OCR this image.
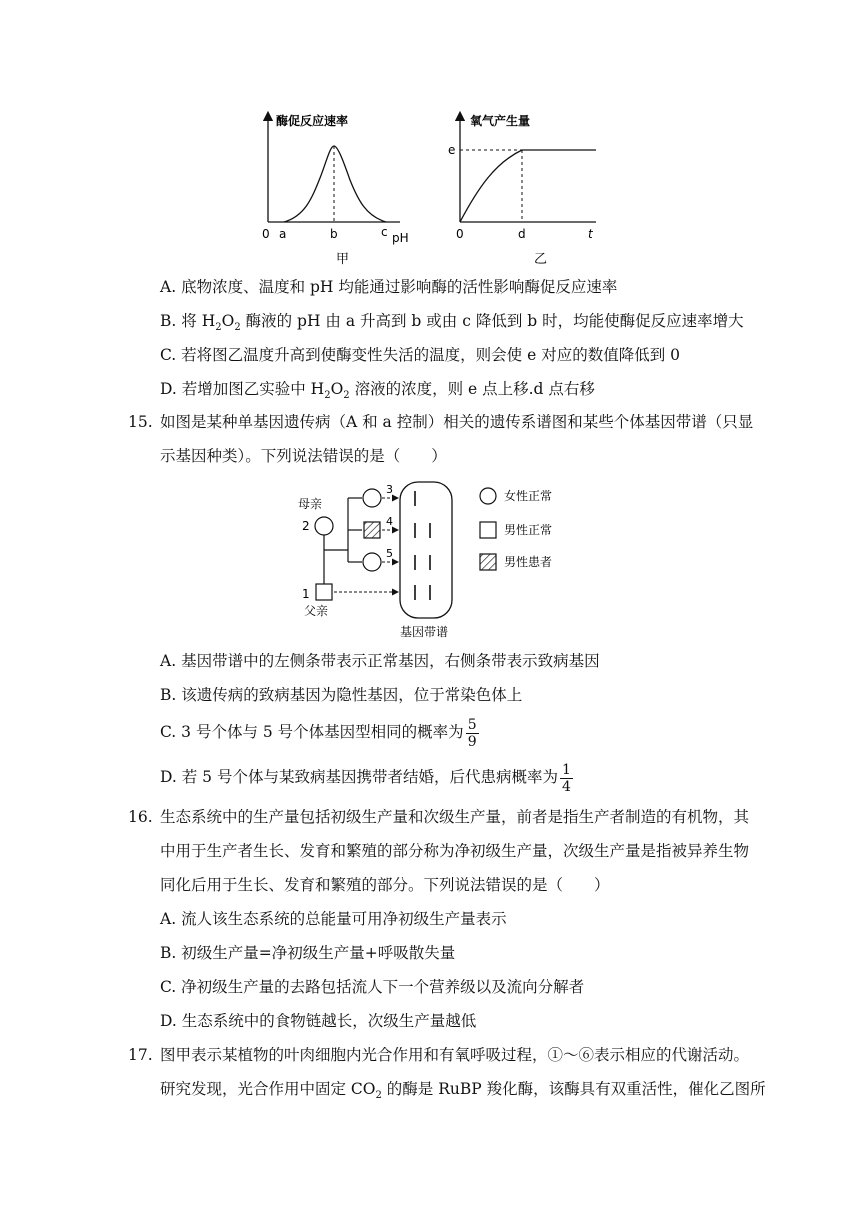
酶促反应速率
0 a	b	c pH
甲
氧气产生量
e
0	d	t
乙
A. 底物浓度、温度和 pH 均能通过影响酶的活性影响酶促反应速率
B. 将 $H_2O_2$ 酶液的 pH 由 a 升高到 b 或由 c 降低到 b 时，均能使酶促反应速率增大
C. 若将图乙温度升高到使酶变性失活的温度，则会使 e 对应的数值降低到 0
D. 若增加图乙实验中 $H_2O_2$ 溶液的浓度，则 e 点上移.d 点右移
15. 如图是某种单基因遗传病（A 和 a 控制）相关的遗传系谱图和某些个体基因带谱（只显
示基因种类）。下列说法错误的是（　　）
母亲
2
1
父亲
3
4
5
基因带谱
女性正常
男性正常
男性患者
A. 基因带谱中的左侧条带表示正常基因，右侧条带表示致病基因
B. 该遗传病的致病基因为隐性基因，位于常染色体上
C. 3 号个体与 5 号个体基因型相同的概率为 $\frac{5}{9}$
D. 若 5 号个体与某致病基因携带者结婚，后代患病概率为 $\frac{1}{4}$
16. 生态系统中的生产量包括初级生产量和次级生产量，前者是指生产者制造的有机物，其
中用于生产者生长、发育和繁殖的部分称为净初级生产量，次级生产量是指被异养生物
同化后用于生长、发育和繁殖的部分。下列说法错误的是（　　）
A. 流人该生态系统的总能量可用净初级生产量表示
B. 初级生产量=净初级生产量+呼吸散失量
C. 净初级生产量的去路包括流人下一个营养级以及流向分解者
D. 生态系统中的食物链越长，次级生产量越低
17. 图甲表示某植物的叶肉细胞内光合作用和有氧呼吸过程，①～⑥表示相应的代谢活动。
研究发现，光合作用中固定 $CO_2$ 的酶是 RuBP 羧化酶，该酶具有双重活性，催化乙图所
